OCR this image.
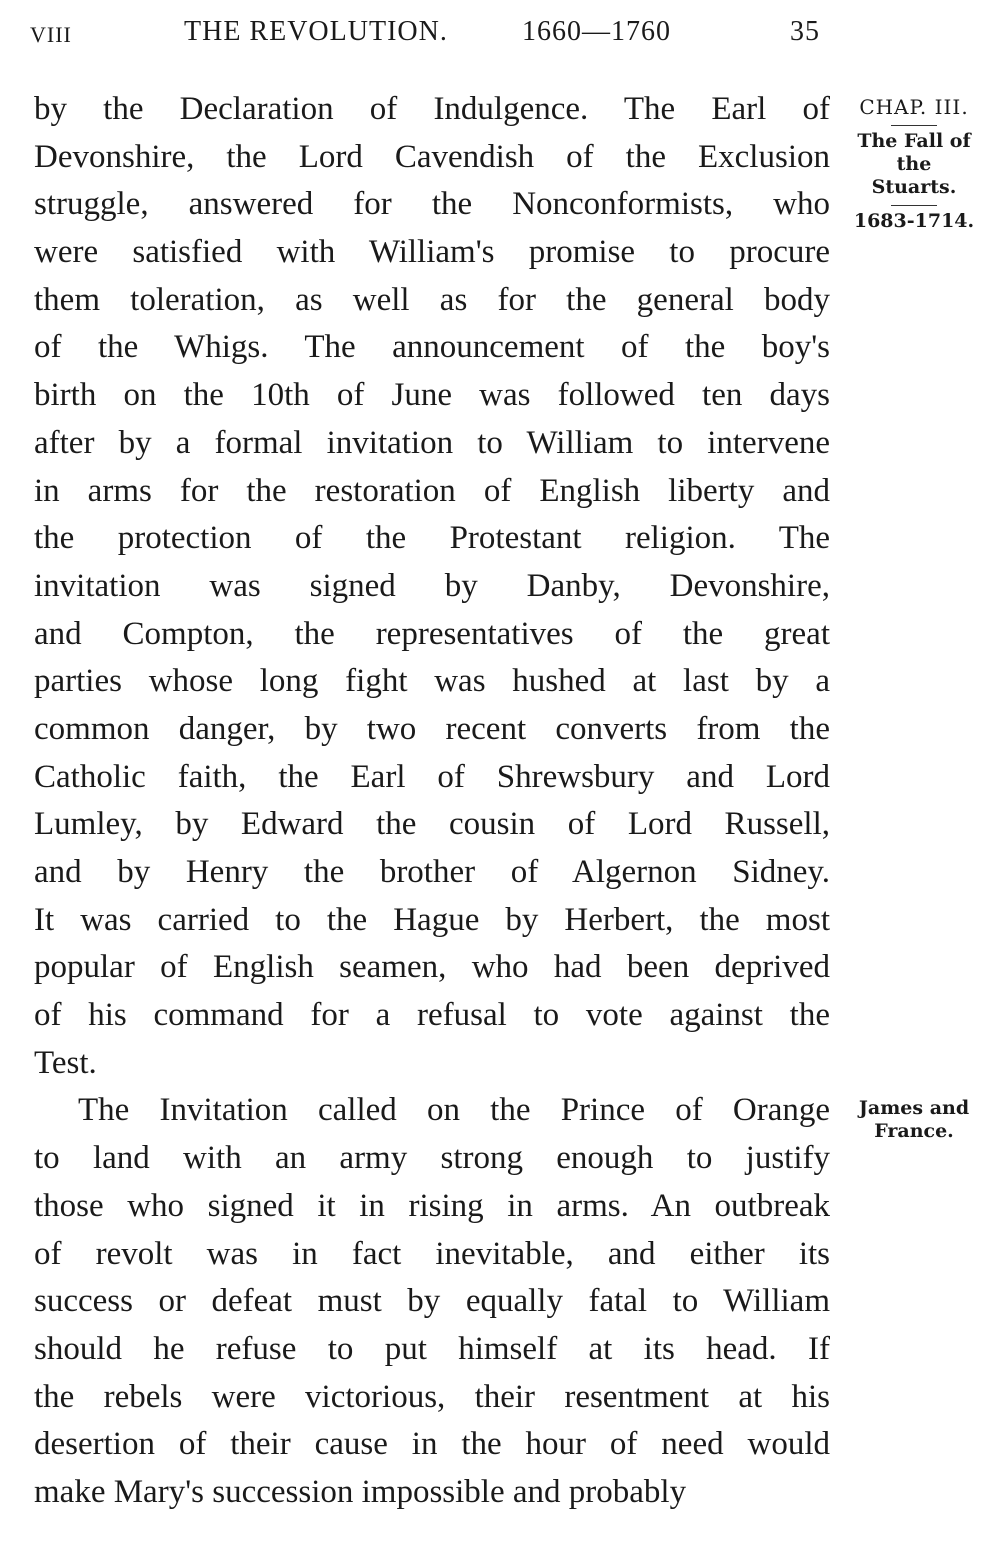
VIII	THE REVOLUTION.	1660—1760	35
CHAP. III.
The Fall of the Stuarts.
1683-1714.
James and France.
by the Declaration of Indulgence. The Earl of
Devonshire, the Lord Cavendish of the Exclusion
struggle, answered for the Nonconformists, who
were satisfied with William's promise to procure
them toleration, as well as for the general body
of the Whigs. The announcement of the boy's
birth on the 10th of June was followed ten days
after by a formal invitation to William to intervene
in arms for the restoration of English liberty and
the protection of the Protestant religion. The
invitation was signed by Danby, Devonshire,
and Compton, the representatives of the great
parties whose long fight was hushed at last by a
common danger, by two recent converts from the
Catholic faith, the Earl of Shrewsbury and Lord
Lumley, by Edward the cousin of Lord Russell,
and by Henry the brother of Algernon Sidney.
It was carried to the Hague by Herbert, the most
popular of English seamen, who had been deprived
of his command for a refusal to vote against the
Test.
The Invitation called on the Prince of Orange
to land with an army strong enough to justify
those who signed it in rising in arms. An outbreak
of revolt was in fact inevitable, and either its
success or defeat must by equally fatal to William
should he refuse to put himself at its head. If
the rebels were victorious, their resentment at his
desertion of their cause in the hour of need would
make Mary's succession impossible and probably
